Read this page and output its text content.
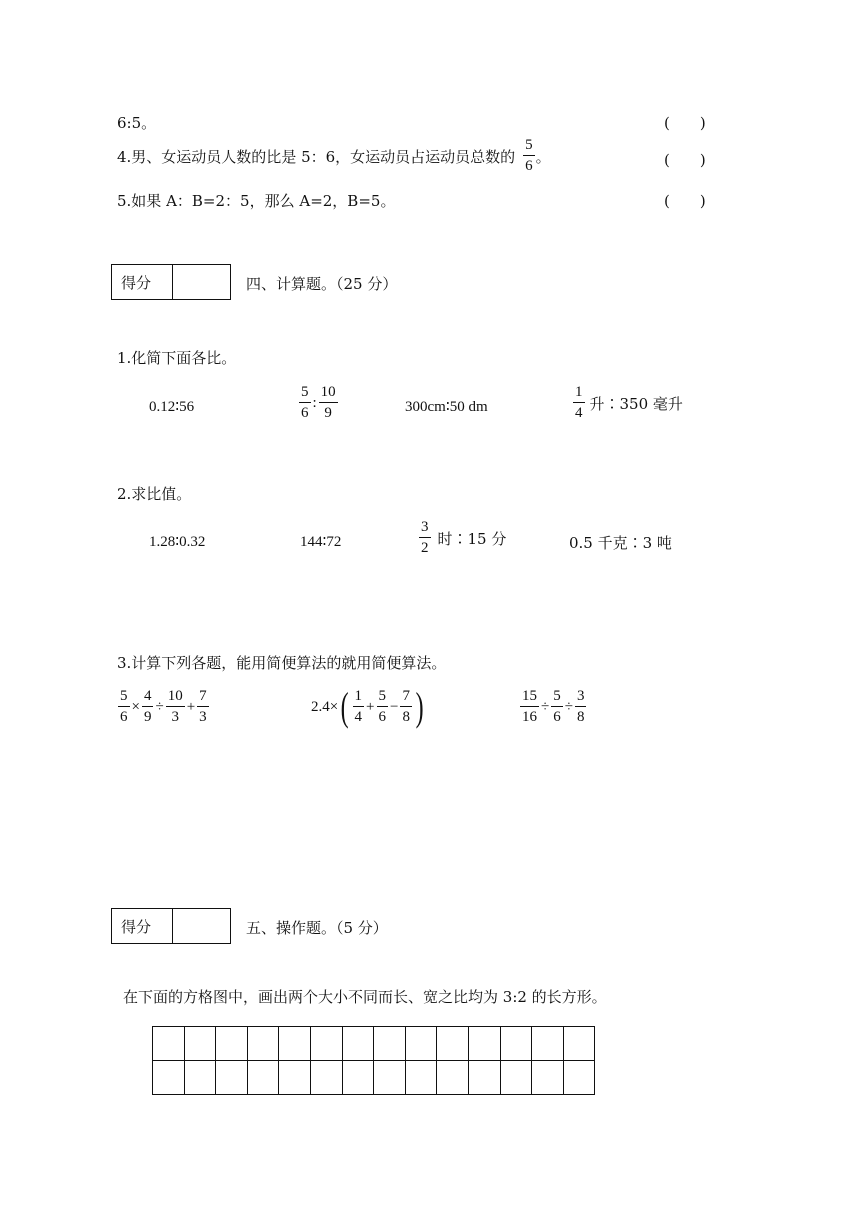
6:5。	(　　)
4.男、女运动员人数的比是 5：6，女运动员占运动员总数的 $\frac{5}{6}$ 。	(　　)
5.如果 A：B=2：5，那么 A=2，B=5。	(　　)
得分	四、计算题。（25 分）
1.化简下面各比。
0.12∶56	$\frac{5}{6}$ : $\frac{10}{9}$	300cm∶50 dm	$\frac{1}{4}$ 升∶350 毫升
2.求比值。
1.28∶0.32	144∶72	$\frac{3}{2}$ 时∶15 分	0.5 千克∶3 吨
3.计算下列各题，能用简便算法的就用简便算法。
$\frac{5}{6} \times \frac{4}{9} \div \frac{10}{3} + \frac{7}{3}$	2.4× ( $\frac{1}{4} + \frac{5}{6} - \frac{7}{8}$ )	$\frac{15}{16} \div \frac{5}{6} \div \frac{3}{8}$
得分	五、操作题。（5 分）
在下面的方格图中，画出两个大小不同而长、宽之比均为 3:2 的长方形。
